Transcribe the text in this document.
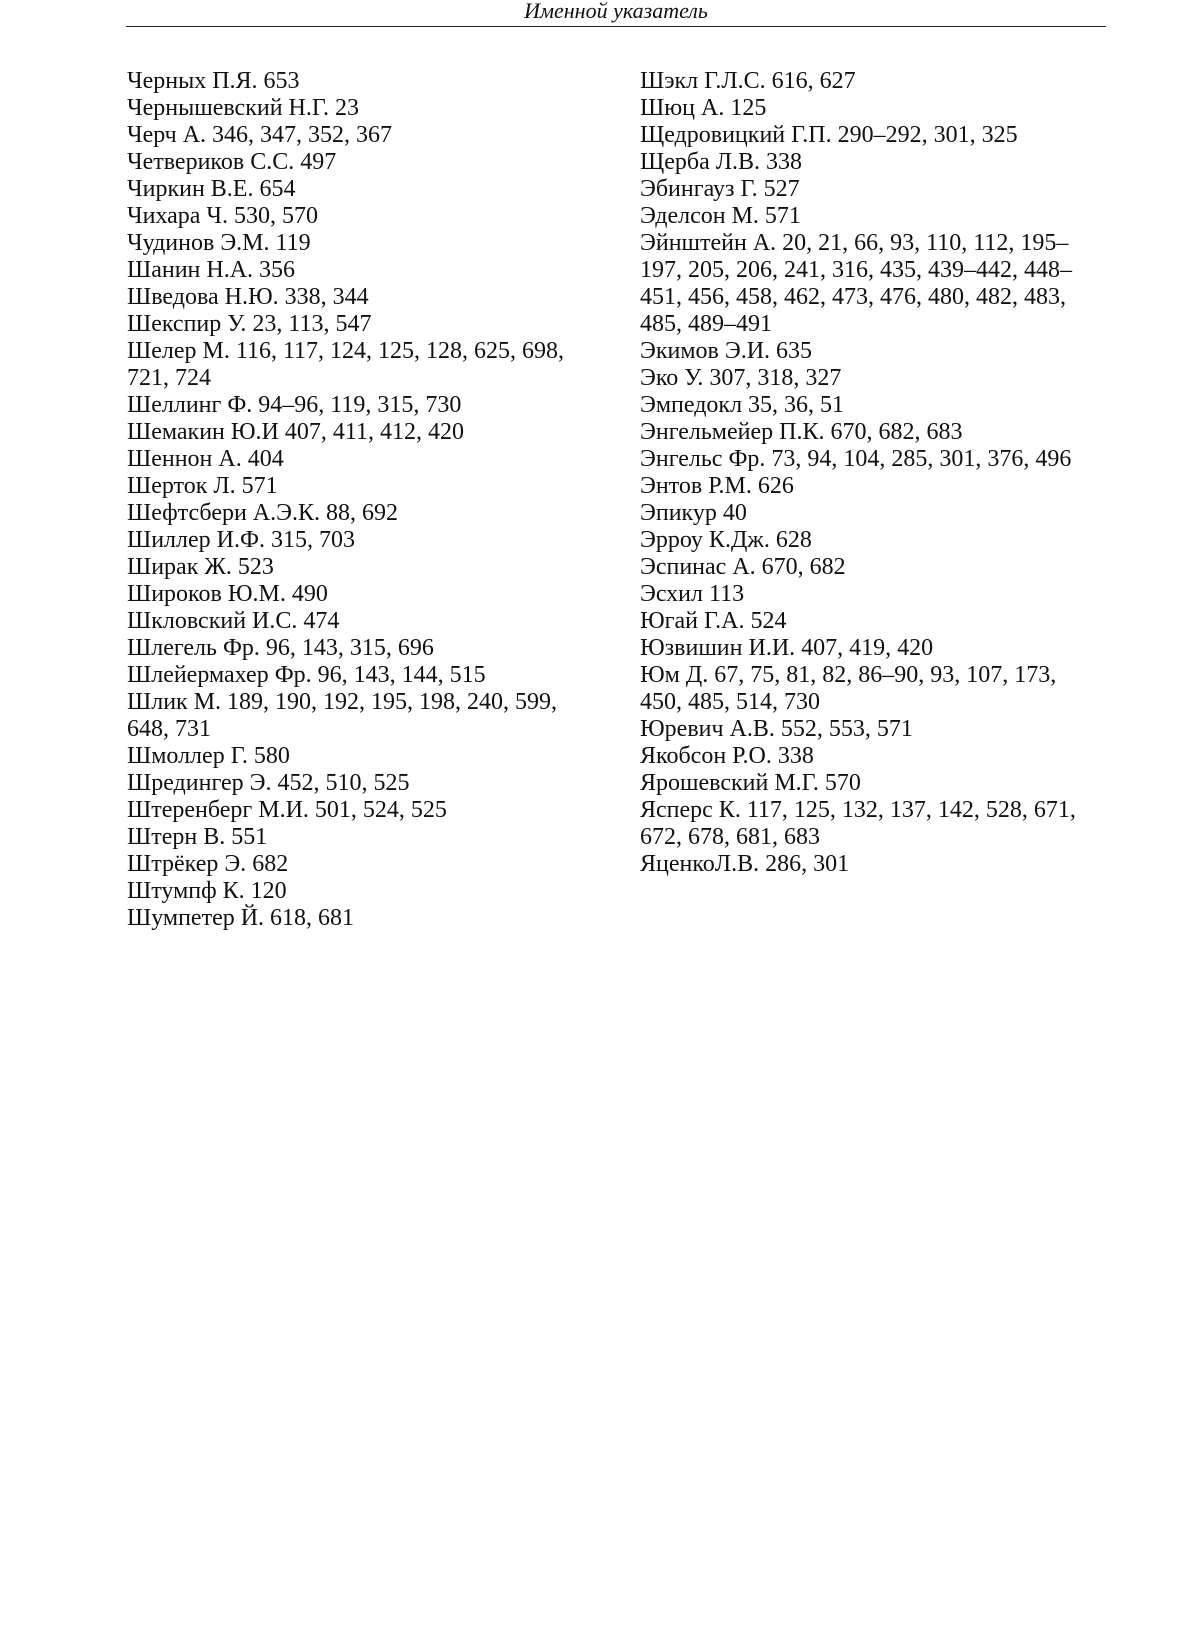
Именной указатель
Черных П.Я. 653
Чернышевский Н.Г. 23
Черч А. 346, 347, 352, 367
Четвериков С.С. 497
Чиркин В.Е. 654
Чихара Ч. 530, 570
Чудинов Э.М. 119
Шанин Н.А. 356
Шведова Н.Ю. 338, 344
Шекспир У. 23, 113, 547
Шелер М. 116, 117, 124, 125, 128, 625, 698, 721, 724
Шеллинг Ф. 94–96, 119, 315, 730
Шемакин Ю.И 407, 411, 412, 420
Шеннон А. 404
Шерток Л. 571
Шефтсбери А.Э.К. 88, 692
Шиллер И.Ф. 315, 703
Ширак Ж. 523
Широков Ю.М. 490
Шкловский И.С. 474
Шлегель Фр. 96, 143, 315, 696
Шлейермахер Фр. 96, 143, 144, 515
Шлик М. 189, 190, 192, 195, 198, 240, 599, 648, 731
Шмоллер Г. 580
Шредингер Э. 452, 510, 525
Штеренберг М.И. 501, 524, 525
Штерн В. 551
Штрёкер Э. 682
Штумпф К. 120
Шумпетер Й. 618, 681
Шэкл Г.Л.С. 616, 627
Шюц А. 125
Щедровицкий Г.П. 290–292, 301, 325
Щерба Л.В. 338
Эбингауз Г. 527
Эделсон М. 571
Эйнштейн А. 20, 21, 66, 93, 110, 112, 195–197, 205, 206, 241, 316, 435, 439–442, 448–451, 456, 458, 462, 473, 476, 480, 482, 483, 485, 489–491
Экимов Э.И. 635
Эко У. 307, 318, 327
Эмпедокл 35, 36, 51
Энгельмейер П.К. 670, 682, 683
Энгельс Фр. 73, 94, 104, 285, 301, 376, 496
Энтов Р.М. 626
Эпикур 40
Эрроу К.Дж. 628
Эспинас А. 670, 682
Эсхил 113
Югай Г.А. 524
Юзвишин И.И. 407, 419, 420
Юм Д. 67, 75, 81, 82, 86–90, 93, 107, 173, 450, 485, 514, 730
Юревич А.В. 552, 553, 571
Якобсон Р.О. 338
Ярошевский М.Г. 570
Ясперс К. 117, 125, 132, 137, 142, 528, 671, 672, 678, 681, 683
ЯценкоЛ.В. 286, 301
